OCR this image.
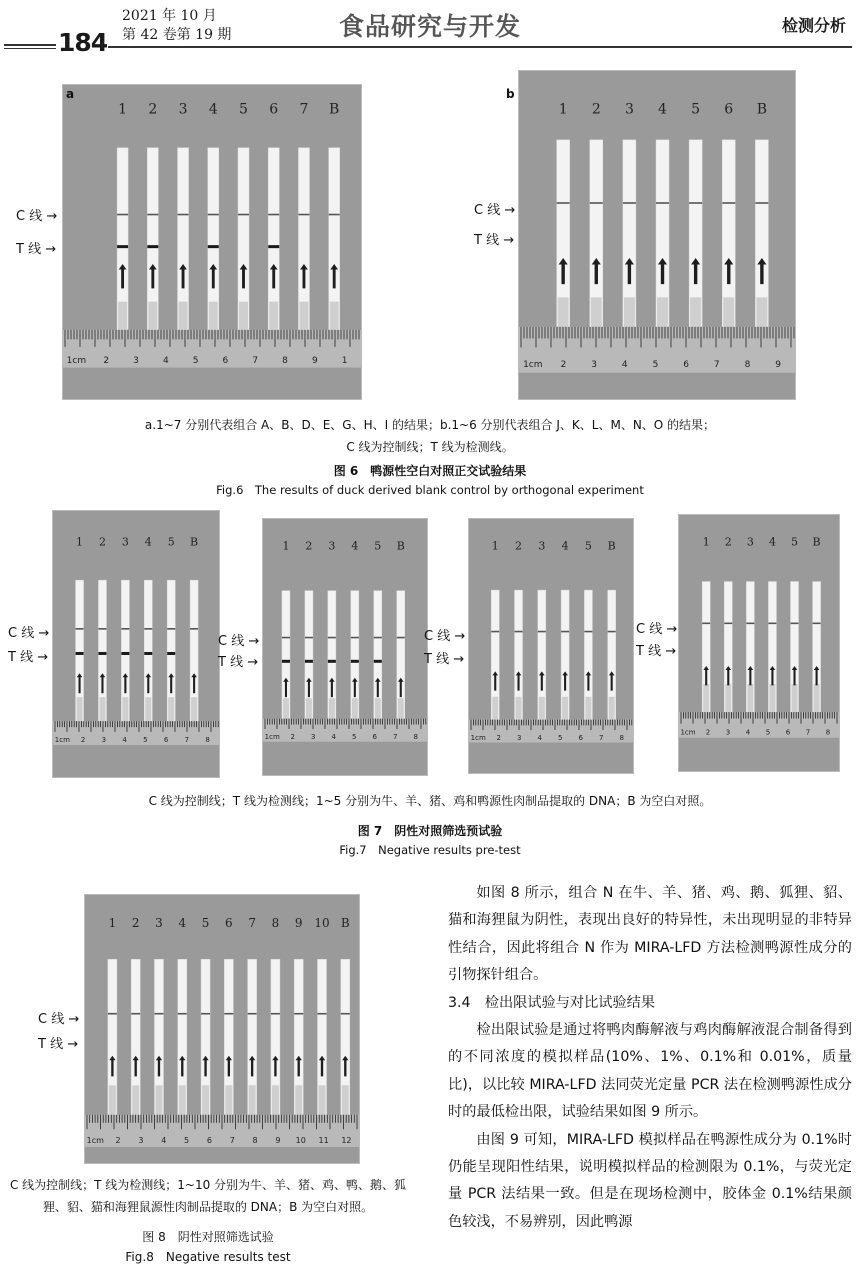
184
2021 年 10 月
第 42 卷第 19 期	食品研究与开发	检测分析
1 2 3 4 5 6 7 B
1cm 2	3	4	5	6	7	8	9	1
a
1 2 3 4 5 6 B
1cm 2	3	4	5	6	7	8	9
b
C 线 →
T 线 →
C 线 →
T 线 →
a.1~7 分别代表组合 A、B、D、E、G、H、I 的结果；b.1~6 分别代表组合 J、K、L、M、N、O 的结果；
C 线为控制线；T 线为检测线。
图 6　鸭源性空白对照正交试验结果
Fig.6　The results of duck derived blank control by orthogonal experiment
1 2 3 4 5 B
1cm 2 3 4 5 6 7 8
1 2 3 4 5 B
1cm 2 3 4 5 6 7 8
1 2 3 4 5 B
1cm 2 3 4 5 6 7 8
1 2 3 4 5 B
1cm 2 3 4 5 6 7 8
C 线 →
T 线 →
C 线 →
T 线 →
C 线 →
T 线 →
C 线 →
T 线 →
C 线为控制线；T 线为检测线；1~5 分别为牛、羊、猪、鸡和鸭源性肉制品提取的 DNA；B 为空白对照。
图 7　阴性对照筛选预试验
Fig.7　Negative results pre-test
1 2 3 4 5 6 7 8 9 10 B
1cm 2 3 4 5 6 7 8 9 10 11 12
C 线 →
T 线 →
C 线为控制线；T 线为检测线；1~10 分别为牛、羊、猪、鸡、鸭、鹅、狐
狸、貂、猫和海狸鼠源性肉制品提取的 DNA；B 为空白对照。
图 8　阴性对照筛选试验
Fig.8　Negative results test

如图 8 所示，组合 N 在牛、羊、猪、鸡、鹅、狐狸、貂、猫和海狸鼠为阴性，表现出良好的特异性，未出现明显的非特异性结合，因此将组合 N 作为 MIRA-LFD 方法检测鸭源性成分的引物探针组合。

3.4　检出限试验与对比试验结果

检出限试验是通过将鸭肉酶解液与鸡肉酶解液混合制备得到的不同浓度的模拟样品(10%、1%、0.1%和 0.01%，质量比)，以比较 MIRA-LFD 法同荧光定量 PCR 法在检测鸭源性成分时的最低检出限，试验结果如图 9 所示。

由图 9 可知，MIRA-LFD 模拟样品在鸭源性成分为 0.1%时仍能呈现阳性结果，说明模拟样品的检测限为 0.1%，与荧光定量 PCR 法结果一致。但是在现场检测中，胶体金 0.1%结果颜色较浅，不易辨别，因此鸭源
